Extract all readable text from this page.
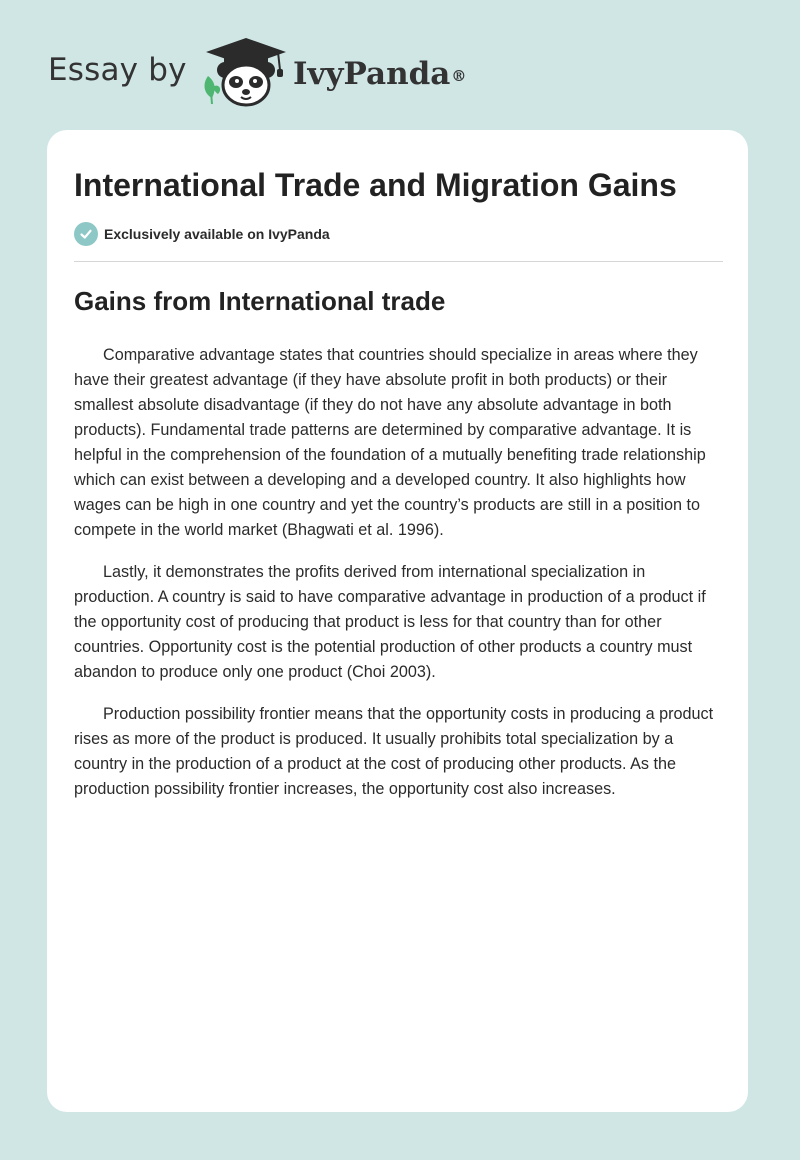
Essay by	IvyPanda®
International Trade and Migration Gains
Exclusively available on IvyPanda
Gains from International trade

Comparative advantage states that countries should specialize in areas where they have their greatest advantage (if they have absolute profit in both products) or their smallest absolute disadvantage (if they do not have any absolute advantage in both products). Fundamental trade patterns are determined by comparative advantage. It is helpful in the comprehension of the foundation of a mutually benefiting trade relationship which can exist between a developing and a developed country. It also highlights how wages can be high in one country and yet the country’s products are still in a position to compete in the world market (Bhagwati et al. 1996).

Lastly, it demonstrates the profits derived from international specialization in production. A country is said to have comparative advantage in production of a product if the opportunity cost of producing that product is less for that country than for other countries. Opportunity cost is the potential production of other products a country must abandon to produce only one product (Choi 2003).

Production possibility frontier means that the opportunity costs in producing a product rises as more of the product is produced. It usually prohibits total specialization by a country in the production of a product at the cost of producing other products. As the production possibility frontier increases, the opportunity cost also increases.
